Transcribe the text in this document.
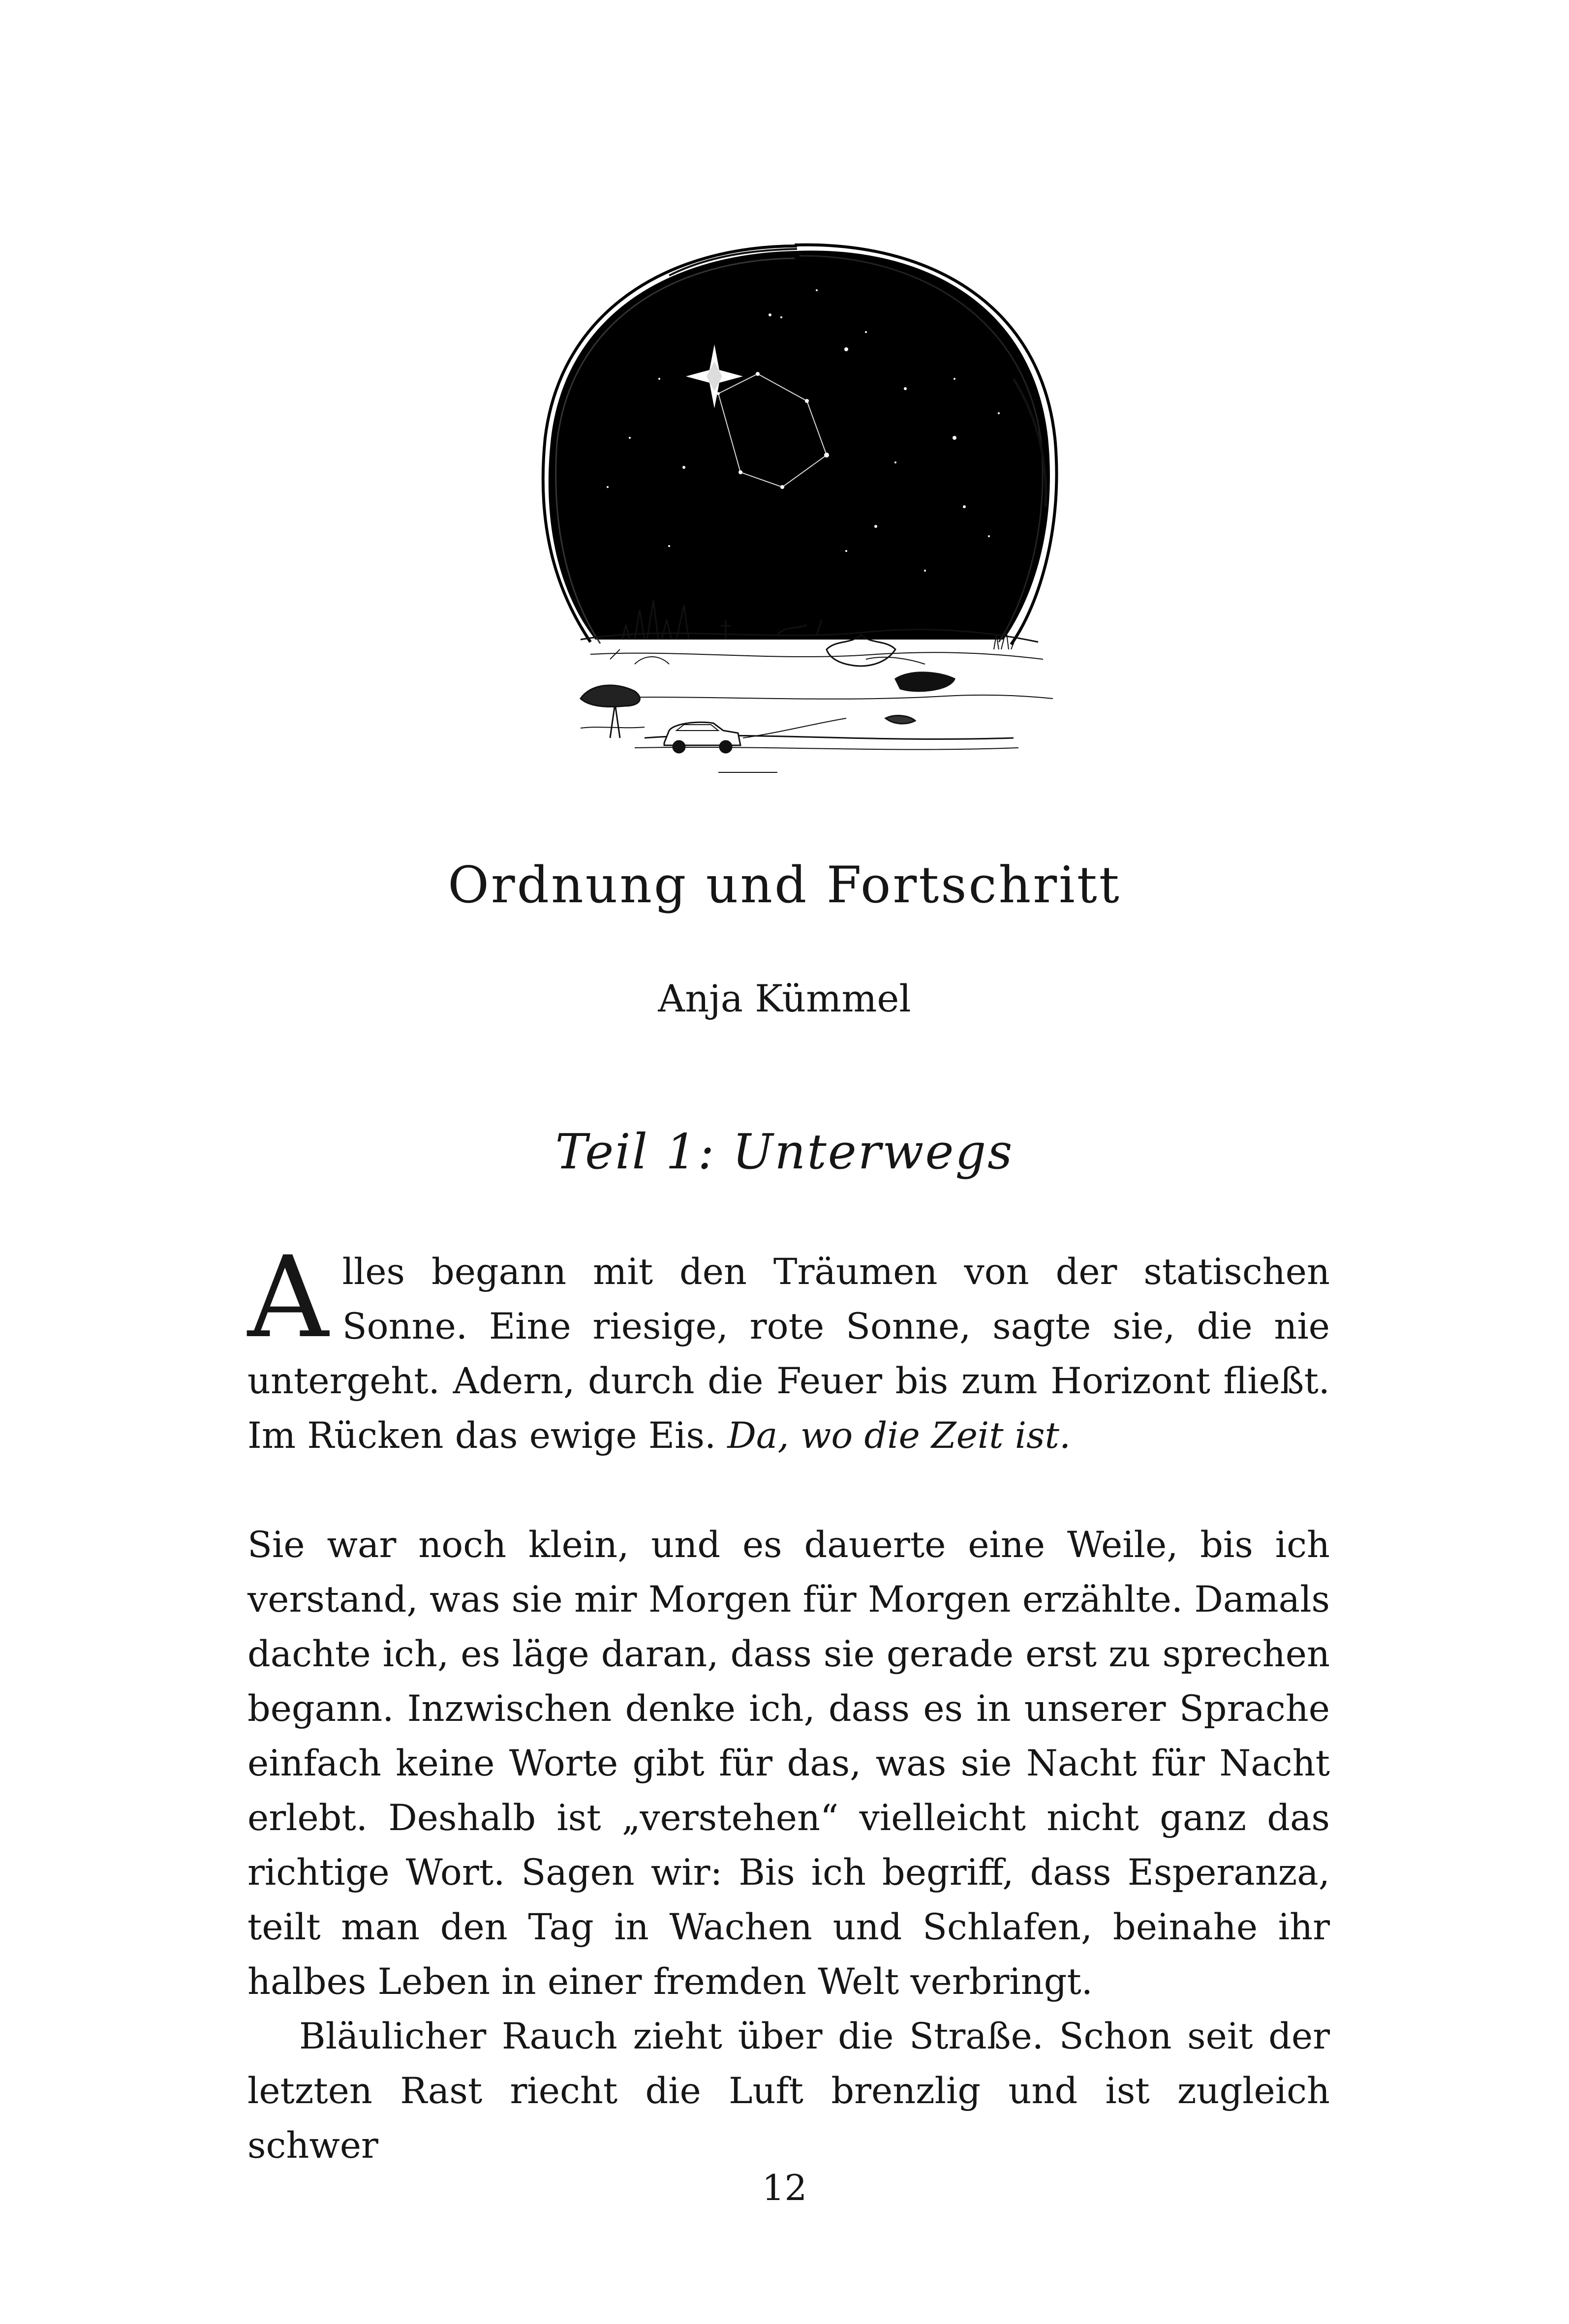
Ordnung und Fortschritt
Anja Kümmel
Teil 1: Unterwegs

Alles begann mit den Träumen von der statischen Sonne. Eine riesige, rote Sonne, sagte sie, die nie untergeht. Adern, durch die Feuer bis zum Horizont fließt. Im Rücken das ewige Eis. Da, wo die Zeit ist.

Sie war noch klein, und es dauerte eine Weile, bis ich verstand, was sie mir Morgen für Morgen erzählte. Damals dachte ich, es läge daran, dass sie gerade erst zu sprechen begann. Inzwischen denke ich, dass es in unserer Sprache einfach keine Worte gibt für das, was sie Nacht für Nacht erlebt. Deshalb ist „verstehen“ vielleicht nicht ganz das richtige Wort. Sagen wir: Bis ich begriff, dass Esperanza, teilt man den Tag in Wachen und Schlafen, beinahe ihr halbes Leben in einer fremden Welt verbringt.

Bläulicher Rauch zieht über die Straße. Schon seit der letzten Rast riecht die Luft brenzlig und ist zugleich schwer

12
